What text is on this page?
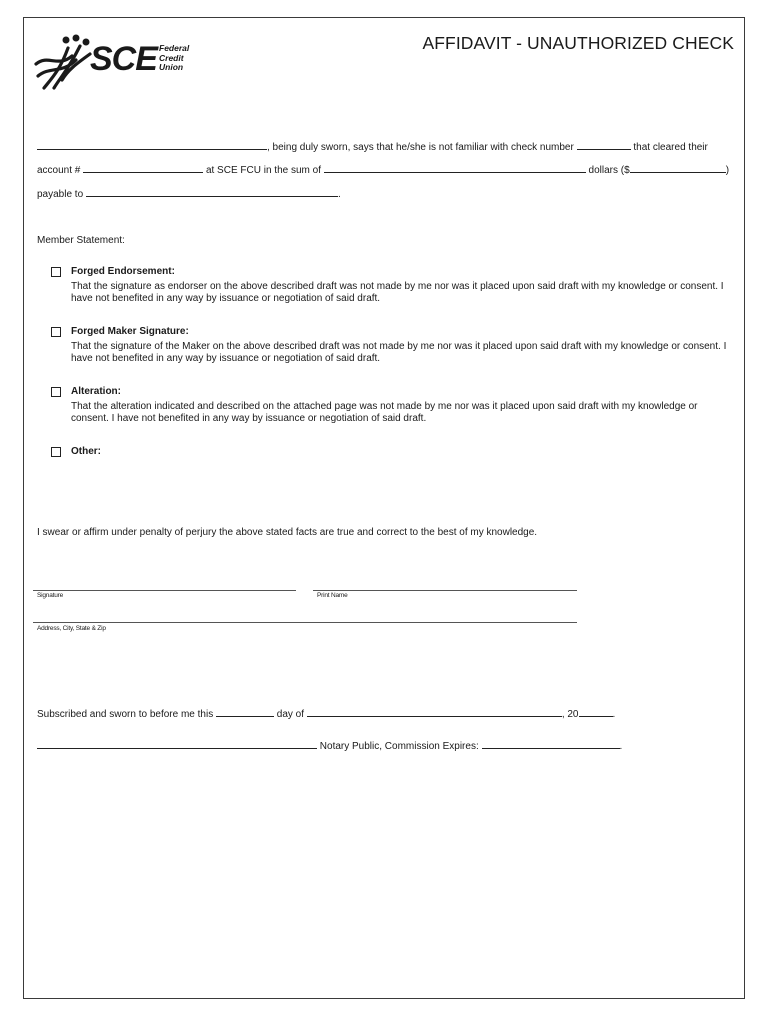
SCE Federal
Credit
Union
AFFIDAVIT - UNAUTHORIZED CHECK
, being duly sworn, says that he/she is not familiar with check number	that cleared their
account #	at SCE FCU in the sum of	dollars ($	)
payable to	.
Member Statement:
Forged Endorsement:
That the signature as endorser on the above described draft was not made by me nor was it placed upon said draft with my knowledge or consent. I have not benefited in any way by issuance or negotiation of said draft.
Forged Maker Signature:
That the signature of the Maker on the above described draft was not made by me nor was it placed upon said draft with my knowledge or consent. I have not benefited in any way by issuance or negotiation of said draft.
Alteration:
That the alteration indicated and described on the attached page was not made by me nor was it placed upon said draft with my knowledge or consent. I have not benefited in any way by issuance or negotiation of said draft.
Other:
I swear or affirm under penalty of perjury the above stated facts are true and correct to the best of my knowledge.
Signature	Print Name
Address, City, State & Zip
Subscribed and sworn to before me this	day of	, 20	.
Notary Public, Commission Expires:	.
